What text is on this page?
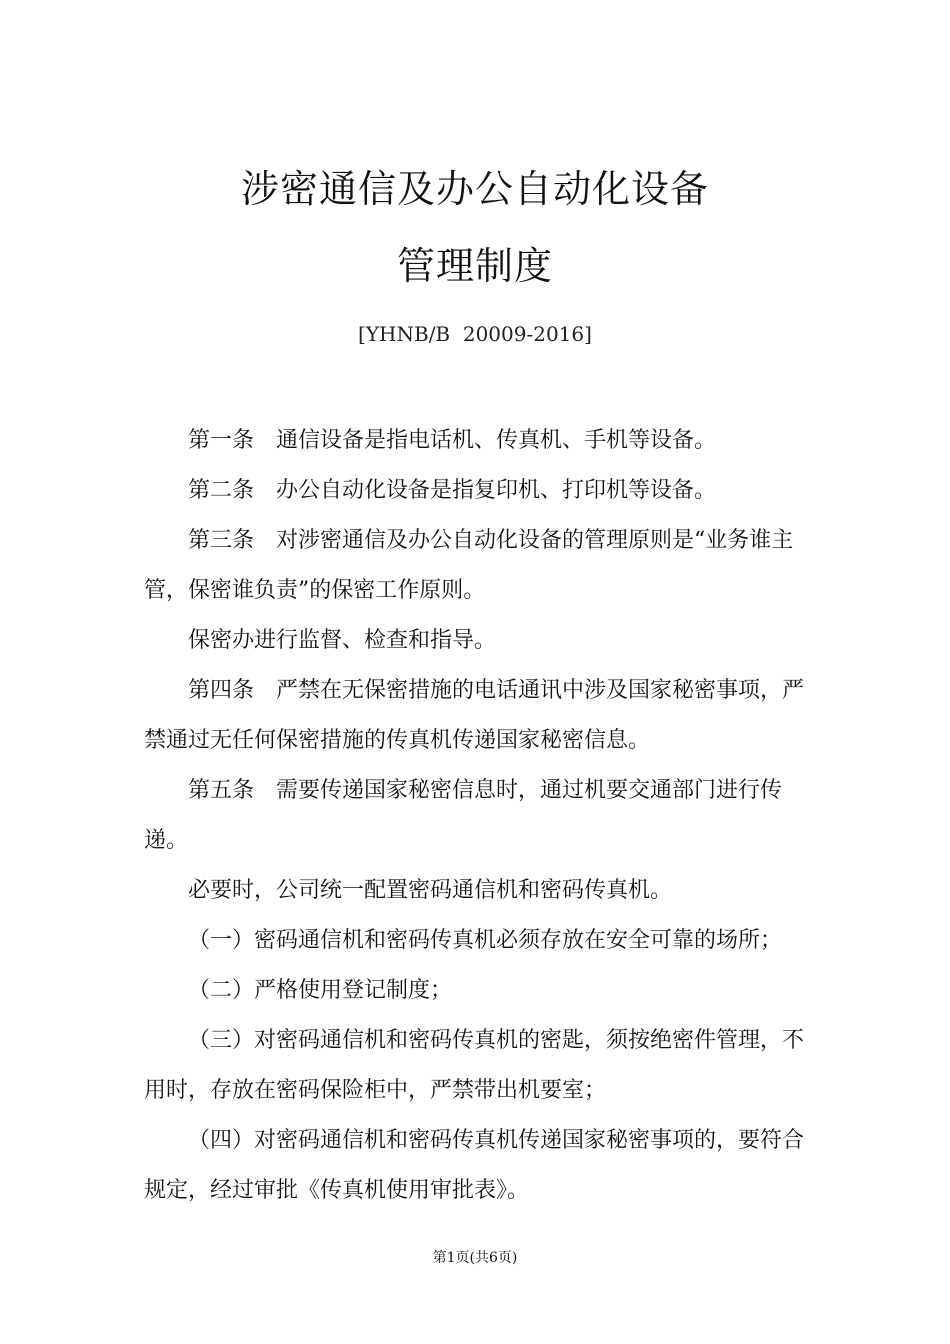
涉密通信及办公自动化设备
管理制度
[YHNB/B  20009-2016]

第一条　通信设备是指电话机、传真机、手机等设备。

第二条　办公自动化设备是指复印机、打印机等设备。

第三条　对涉密通信及办公自动化设备的管理原则是“业务谁主管，保密谁负责”的保密工作原则。

保密办进行监督、检查和指导。

第四条　严禁在无保密措施的电话通讯中涉及国家秘密事项，严禁通过无任何保密措施的传真机传递国家秘密信息。

第五条　需要传递国家秘密信息时，通过机要交通部门进行传递。

必要时，公司统一配置密码通信机和密码传真机。

（一）密码通信机和密码传真机必须存放在安全可靠的场所；

（二）严格使用登记制度；

（三）对密码通信机和密码传真机的密匙，须按绝密件管理，不用时，存放在密码保险柜中，严禁带出机要室；

（四）对密码通信机和密码传真机传递国家秘密事项的，要符合规定，经过审批《传真机使用审批表》。

第1页(共6页)
